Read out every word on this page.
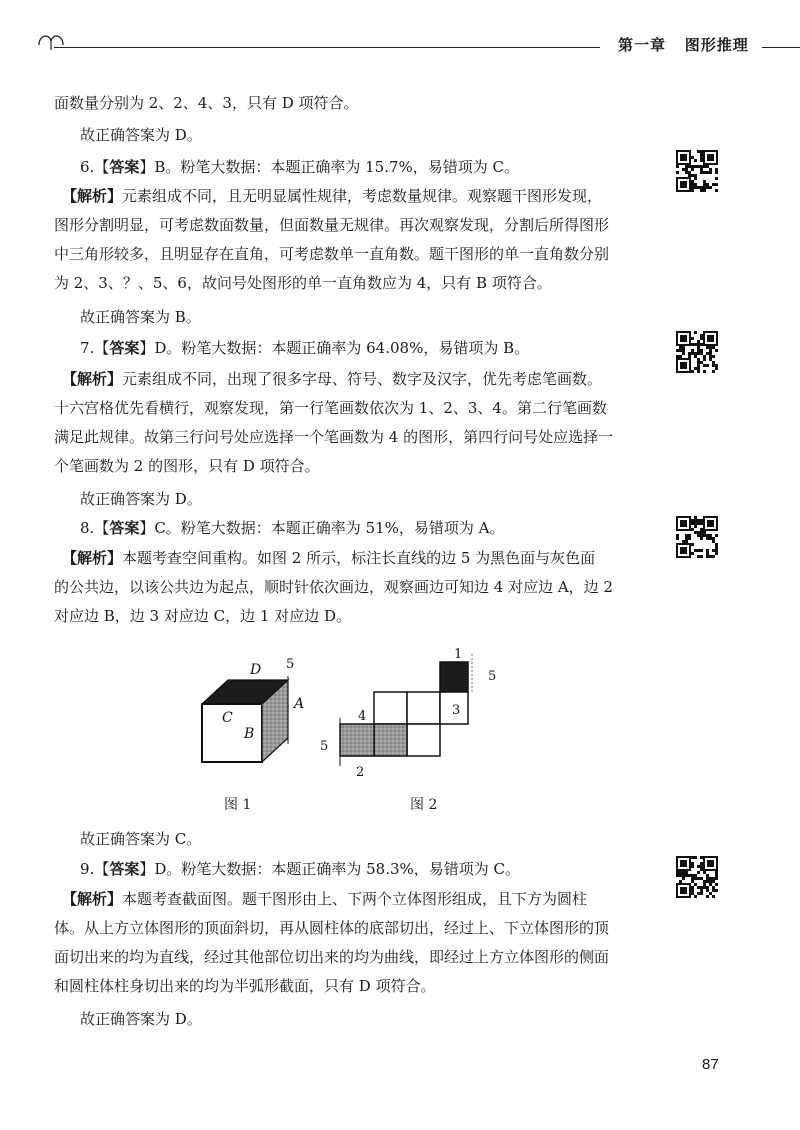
第一章 图形推理
面数量分别为 2、2、4、3，只有 D 项符合。
故正确答案为 D。
6.【答案】B。粉笔大数据：本题正确率为 15.7%，易错项为 C。
【解析】元素组成不同，且无明显属性规律，考虑数量规律。观察题干图形发现，
图形分割明显，可考虑数面数量，但面数量无规律。再次观察发现，分割后所得图形
中三角形较多，且明显存在直角，可考虑数单一直角数。题干图形的单一直角数分别
为 2、3、？、5、6，故问号处图形的单一直角数应为 4，只有 B 项符合。
故正确答案为 B。
7.【答案】D。粉笔大数据：本题正确率为 64.08%，易错项为 B。
【解析】元素组成不同，出现了很多字母、符号、数字及汉字，优先考虑笔画数。
十六宫格优先看横行，观察发现，第一行笔画数依次为 1、2、3、4。第二行笔画数
满足此规律。故第三行问号处应选择一个笔画数为 4 的图形，第四行问号处应选择一
个笔画数为 2 的图形，只有 D 项符合。
故正确答案为 D。
8.【答案】C。粉笔大数据：本题正确率为 51%，易错项为 A。
【解析】本题考查空间重构。如图 2 所示，标注长直线的边 5 为黑色面与灰色面
的公共边，以该公共边为起点，顺时针依次画边，观察画边可知边 4 对应边 A，边 2
对应边 B，边 3 对应边 C，边 1 对应边 D。
D 5
A
C
B
1
5
3
4
5
2
图 1	图 2
故正确答案为 C。
9.【答案】D。粉笔大数据：本题正确率为 58.3%，易错项为 C。
【解析】本题考查截面图。题干图形由上、下两个立体图形组成，且下方为圆柱
体。从上方立体图形的顶面斜切，再从圆柱体的底部切出，经过上、下立体图形的顶
面切出来的均为直线，经过其他部位切出来的均为曲线，即经过上方立体图形的侧面
和圆柱体柱身切出来的均为半弧形截面，只有 D 项符合。
故正确答案为 D。
87
